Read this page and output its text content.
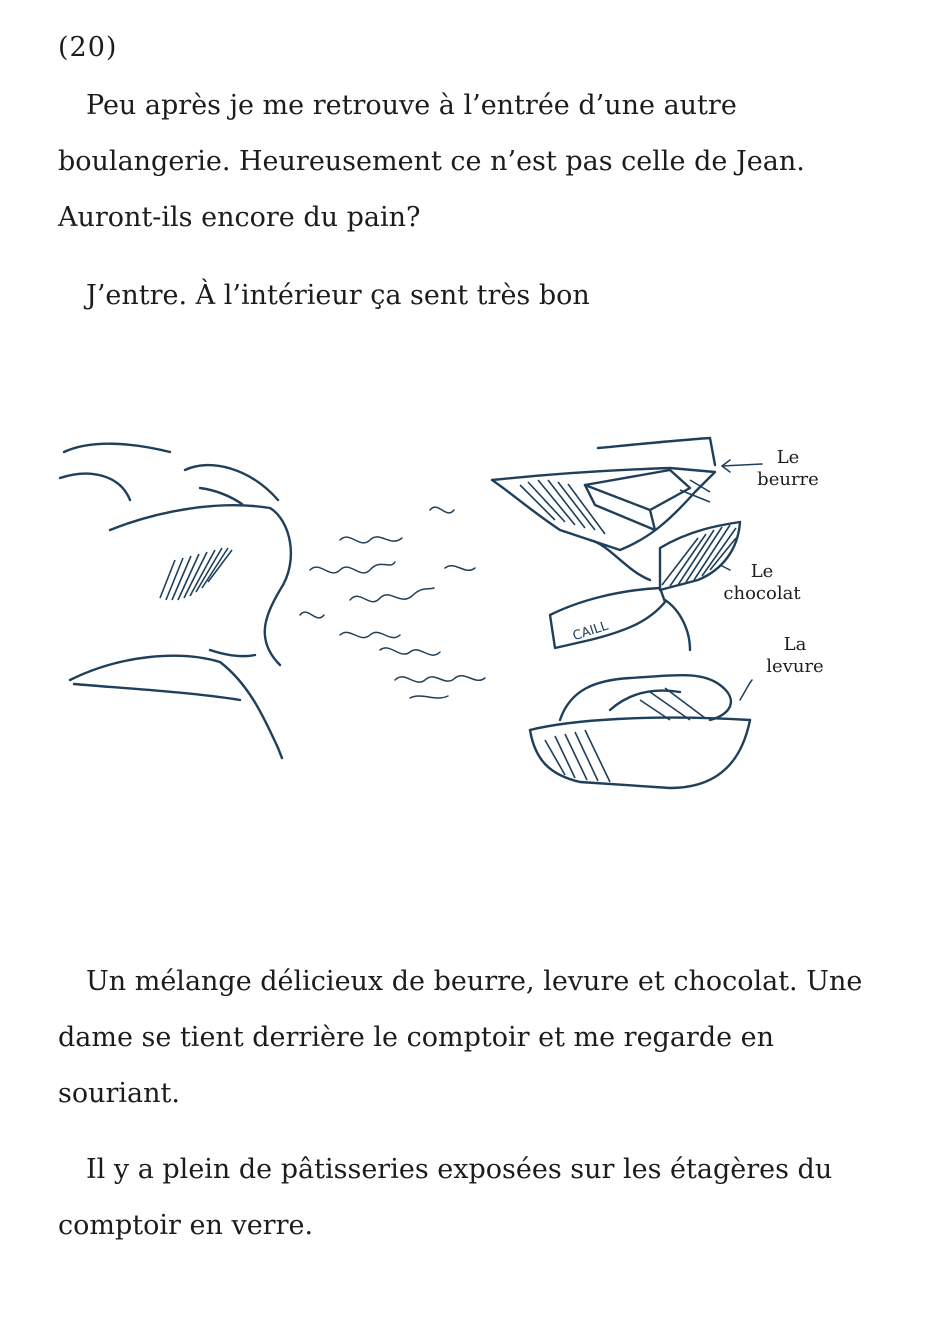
(20)

Peu après je me retrouve à l’entrée d’une autre boulangerie. Heureusement ce n’est pas celle de Jean. Auront-ils encore du pain?

J’entre. À l’intérieur ça sent très bon

CAILL
Le
beurre
Le
chocolat
La
levure

Un mélange délicieux de beurre, levure et chocolat. Une dame se tient derrière le comptoir et me regarde en souriant.

Il y a plein de pâtisseries exposées sur les étagères du comptoir en verre.
